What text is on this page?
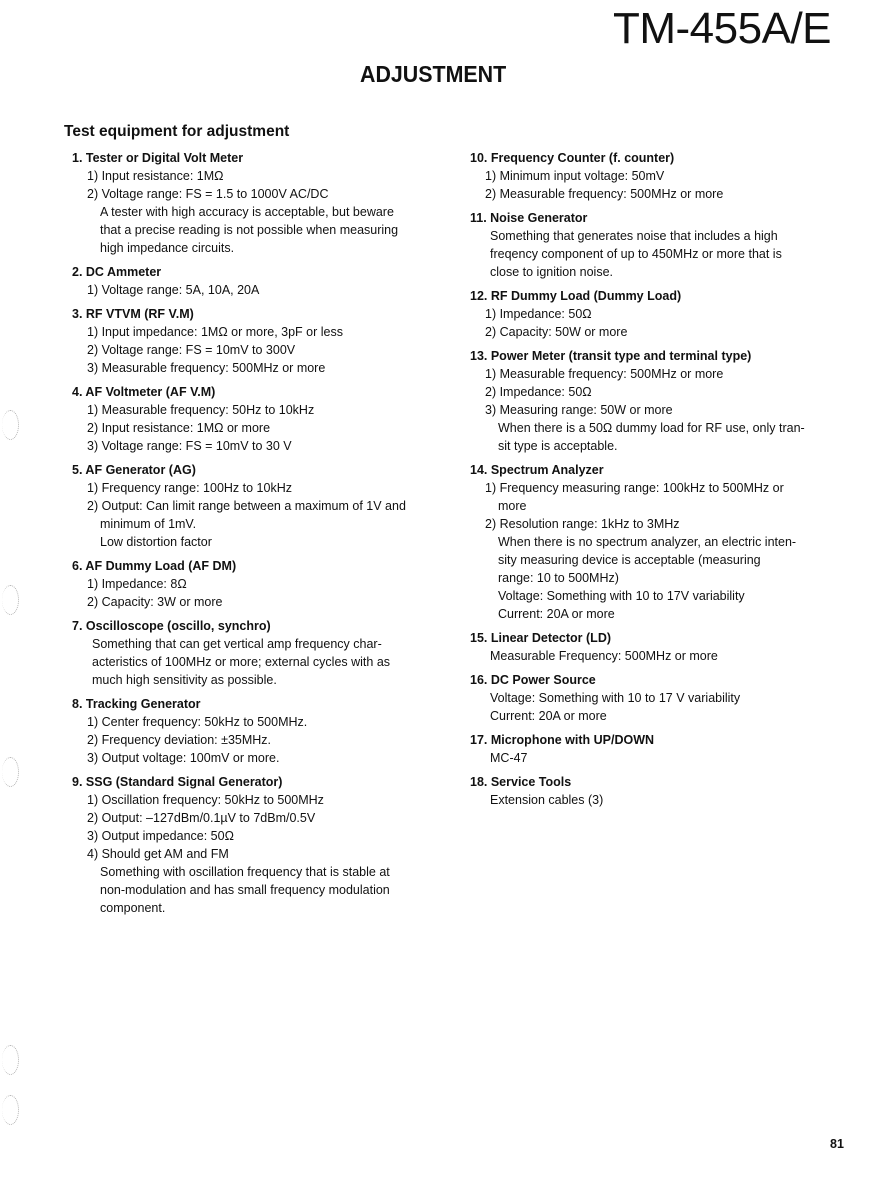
TM-455A/E
ADJUSTMENT
Test equipment for adjustment
1. Tester or Digital Volt Meter
1) Input resistance: 1MΩ
2) Voltage range: FS = 1.5 to 1000V AC/DC
A tester with high accuracy is acceptable, but beware
that a precise reading is not possible when measuring
high impedance circuits.
2. DC Ammeter
1) Voltage range: 5A, 10A, 20A
3. RF VTVM (RF V.M)
1) Input impedance: 1MΩ or more, 3pF or less
2) Voltage range: FS = 10mV to 300V
3) Measurable frequency: 500MHz or more
4. AF Voltmeter (AF V.M)
1) Measurable frequency: 50Hz to 10kHz
2) Input resistance: 1MΩ or more
3) Voltage range: FS = 10mV to 30 V
5. AF Generator (AG)
1) Frequency range: 100Hz to 10kHz
2) Output: Can limit range between a maximum of 1V and
minimum of 1mV.
Low distortion factor
6. AF Dummy Load (AF DM)
1) Impedance: 8Ω
2) Capacity: 3W or more
7. Oscilloscope (oscillo, synchro)
Something that can get vertical amp frequency char-
acteristics of 100MHz or more; external cycles with as
much high sensitivity as possible.
8. Tracking Generator
1) Center frequency: 50kHz to 500MHz.
2) Frequency deviation: ±35MHz.
3) Output voltage: 100mV or more.
9. SSG (Standard Signal Generator)
1) Oscillation frequency: 50kHz to 500MHz
2) Output: –127dBm/0.1µV to 7dBm/0.5V
3) Output impedance: 50Ω
4) Should get AM and FM
Something with oscillation frequency that is stable at
non-modulation and has small frequency modulation
component.
10. Frequency Counter (f. counter)
1) Minimum input voltage: 50mV
2) Measurable frequency: 500MHz or more
11. Noise Generator
Something that generates noise that includes a high
freqency component of up to 450MHz or more that is
close to ignition noise.
12. RF Dummy Load (Dummy Load)
1) Impedance: 50Ω
2) Capacity: 50W or more
13. Power Meter (transit type and terminal type)
1) Measurable frequency: 500MHz or more
2) Impedance: 50Ω
3) Measuring range: 50W or more
When there is a 50Ω dummy load for RF use, only tran-
sit type is acceptable.
14. Spectrum Analyzer
1) Frequency measuring range: 100kHz to 500MHz or
more
2) Resolution range: 1kHz to 3MHz
When there is no spectrum analyzer, an electric inten-
sity measuring device is acceptable (measuring
range: 10 to 500MHz)
Voltage: Something with 10 to 17V variability
Current: 20A or more
15. Linear Detector (LD)
Measurable Frequency: 500MHz or more
16. DC Power Source
Voltage: Something with 10 to 17 V variability
Current: 20A or more
17. Microphone with UP/DOWN
MC-47
18. Service Tools
Extension cables (3)
81
